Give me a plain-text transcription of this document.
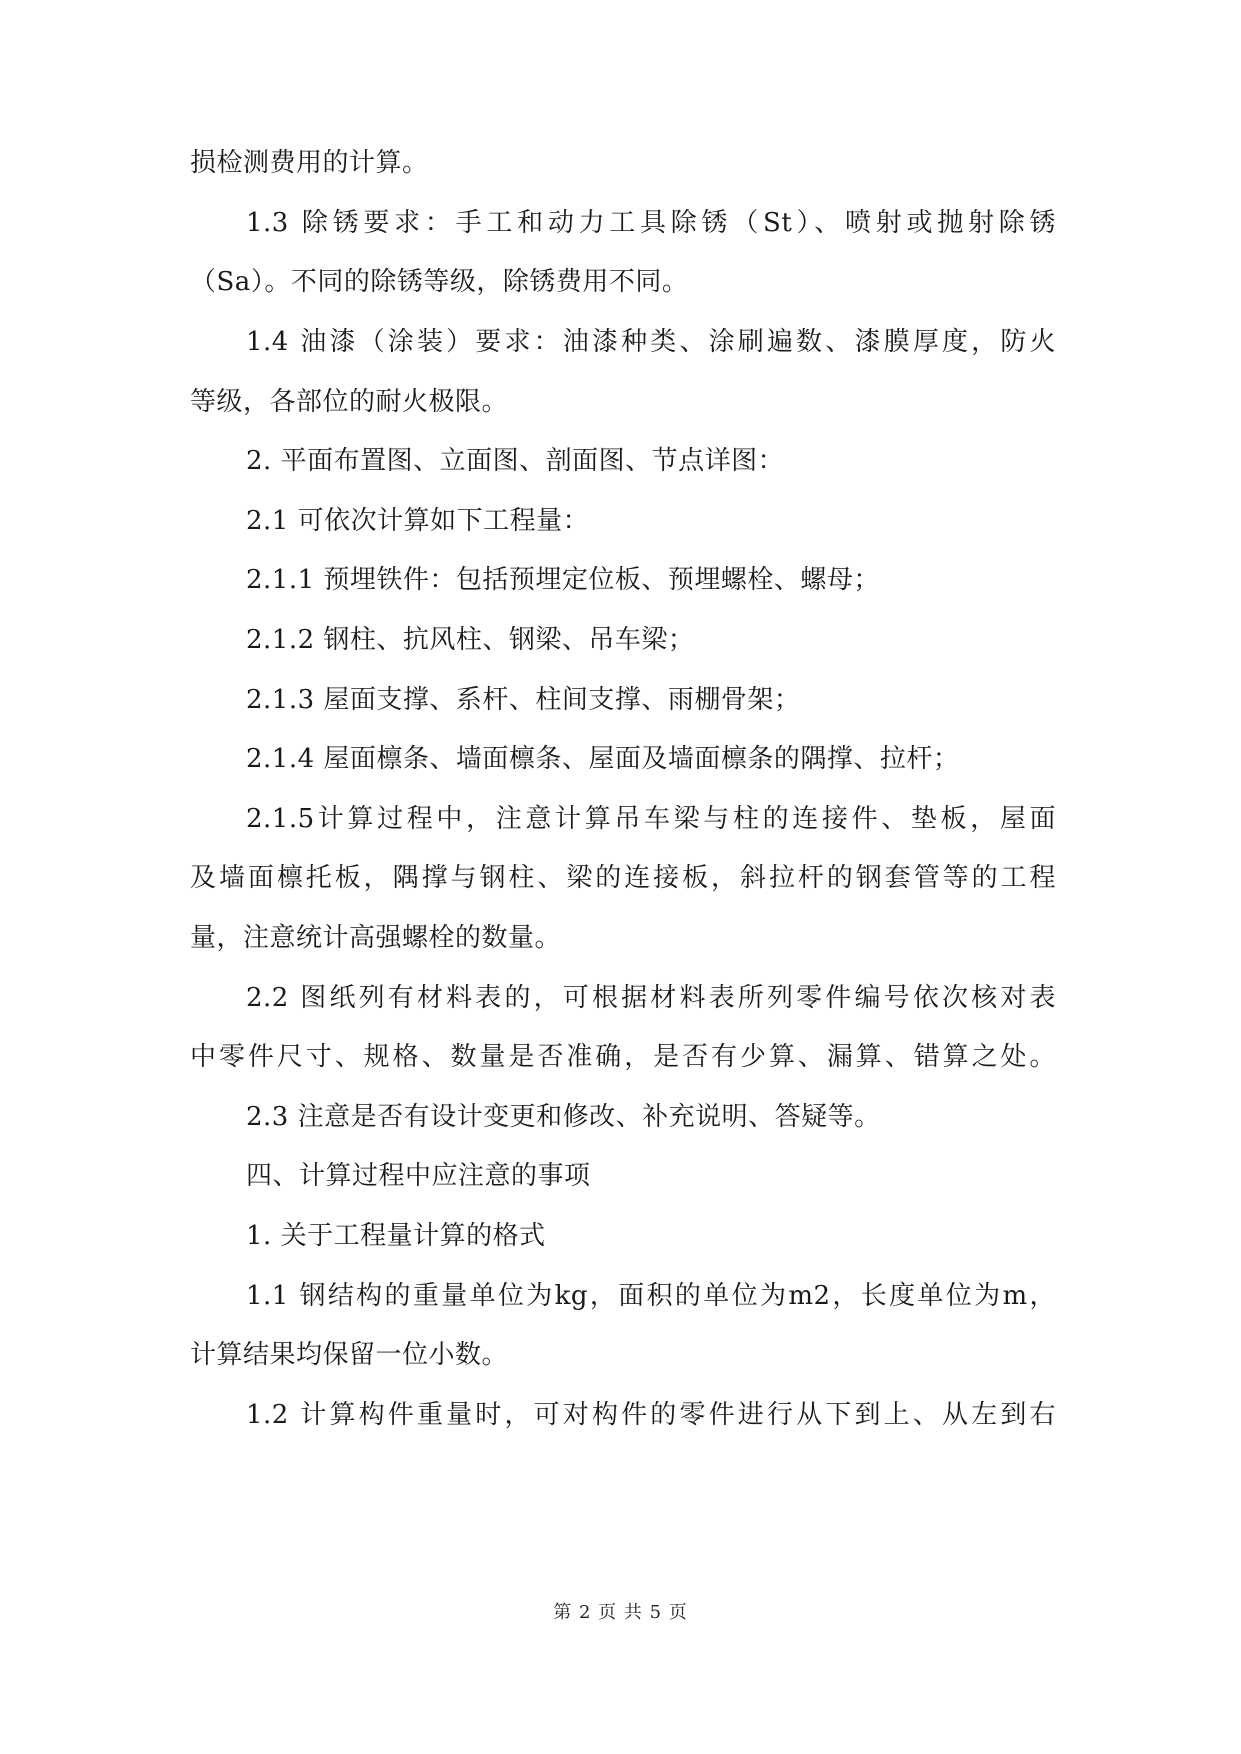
损检测费用的计算。
1.3 除锈要求：手工和动力工具除锈（St）、喷射或抛射除锈
（Sa）。不同的除锈等级，除锈费用不同。
1.4 油漆（涂装）要求：油漆种类、涂刷遍数、漆膜厚度，防火
等级，各部位的耐火极限。
2. 平面布置图、立面图、剖面图、节点详图：
2.1 可依次计算如下工程量：
2.1.1 预埋铁件：包括预埋定位板、预埋螺栓、螺母；
2.1.2 钢柱、抗风柱、钢梁、吊车梁；
2.1.3 屋面支撑、系杆、柱间支撑、雨棚骨架；
2.1.4 屋面檩条、墙面檩条、屋面及墙面檩条的隅撑、拉杆；
2.1.5计算过程中，注意计算吊车梁与柱的连接件、垫板，屋面
及墙面檩托板，隅撑与钢柱、梁的连接板，斜拉杆的钢套管等的工程
量，注意统计高强螺栓的数量。
2.2 图纸列有材料表的，可根据材料表所列零件编号依次核对表
中零件尺寸、规格、数量是否准确，是否有少算、漏算、错算之处。
2.3 注意是否有设计变更和修改、补充说明、答疑等。
四、计算过程中应注意的事项
1. 关于工程量计算的格式
1.1 钢结构的重量单位为kg，面积的单位为m2，长度单位为m，
计算结果均保留一位小数。
1.2 计算构件重量时，可对构件的零件进行从下到上、从左到右
第 2 页 共 5 页
